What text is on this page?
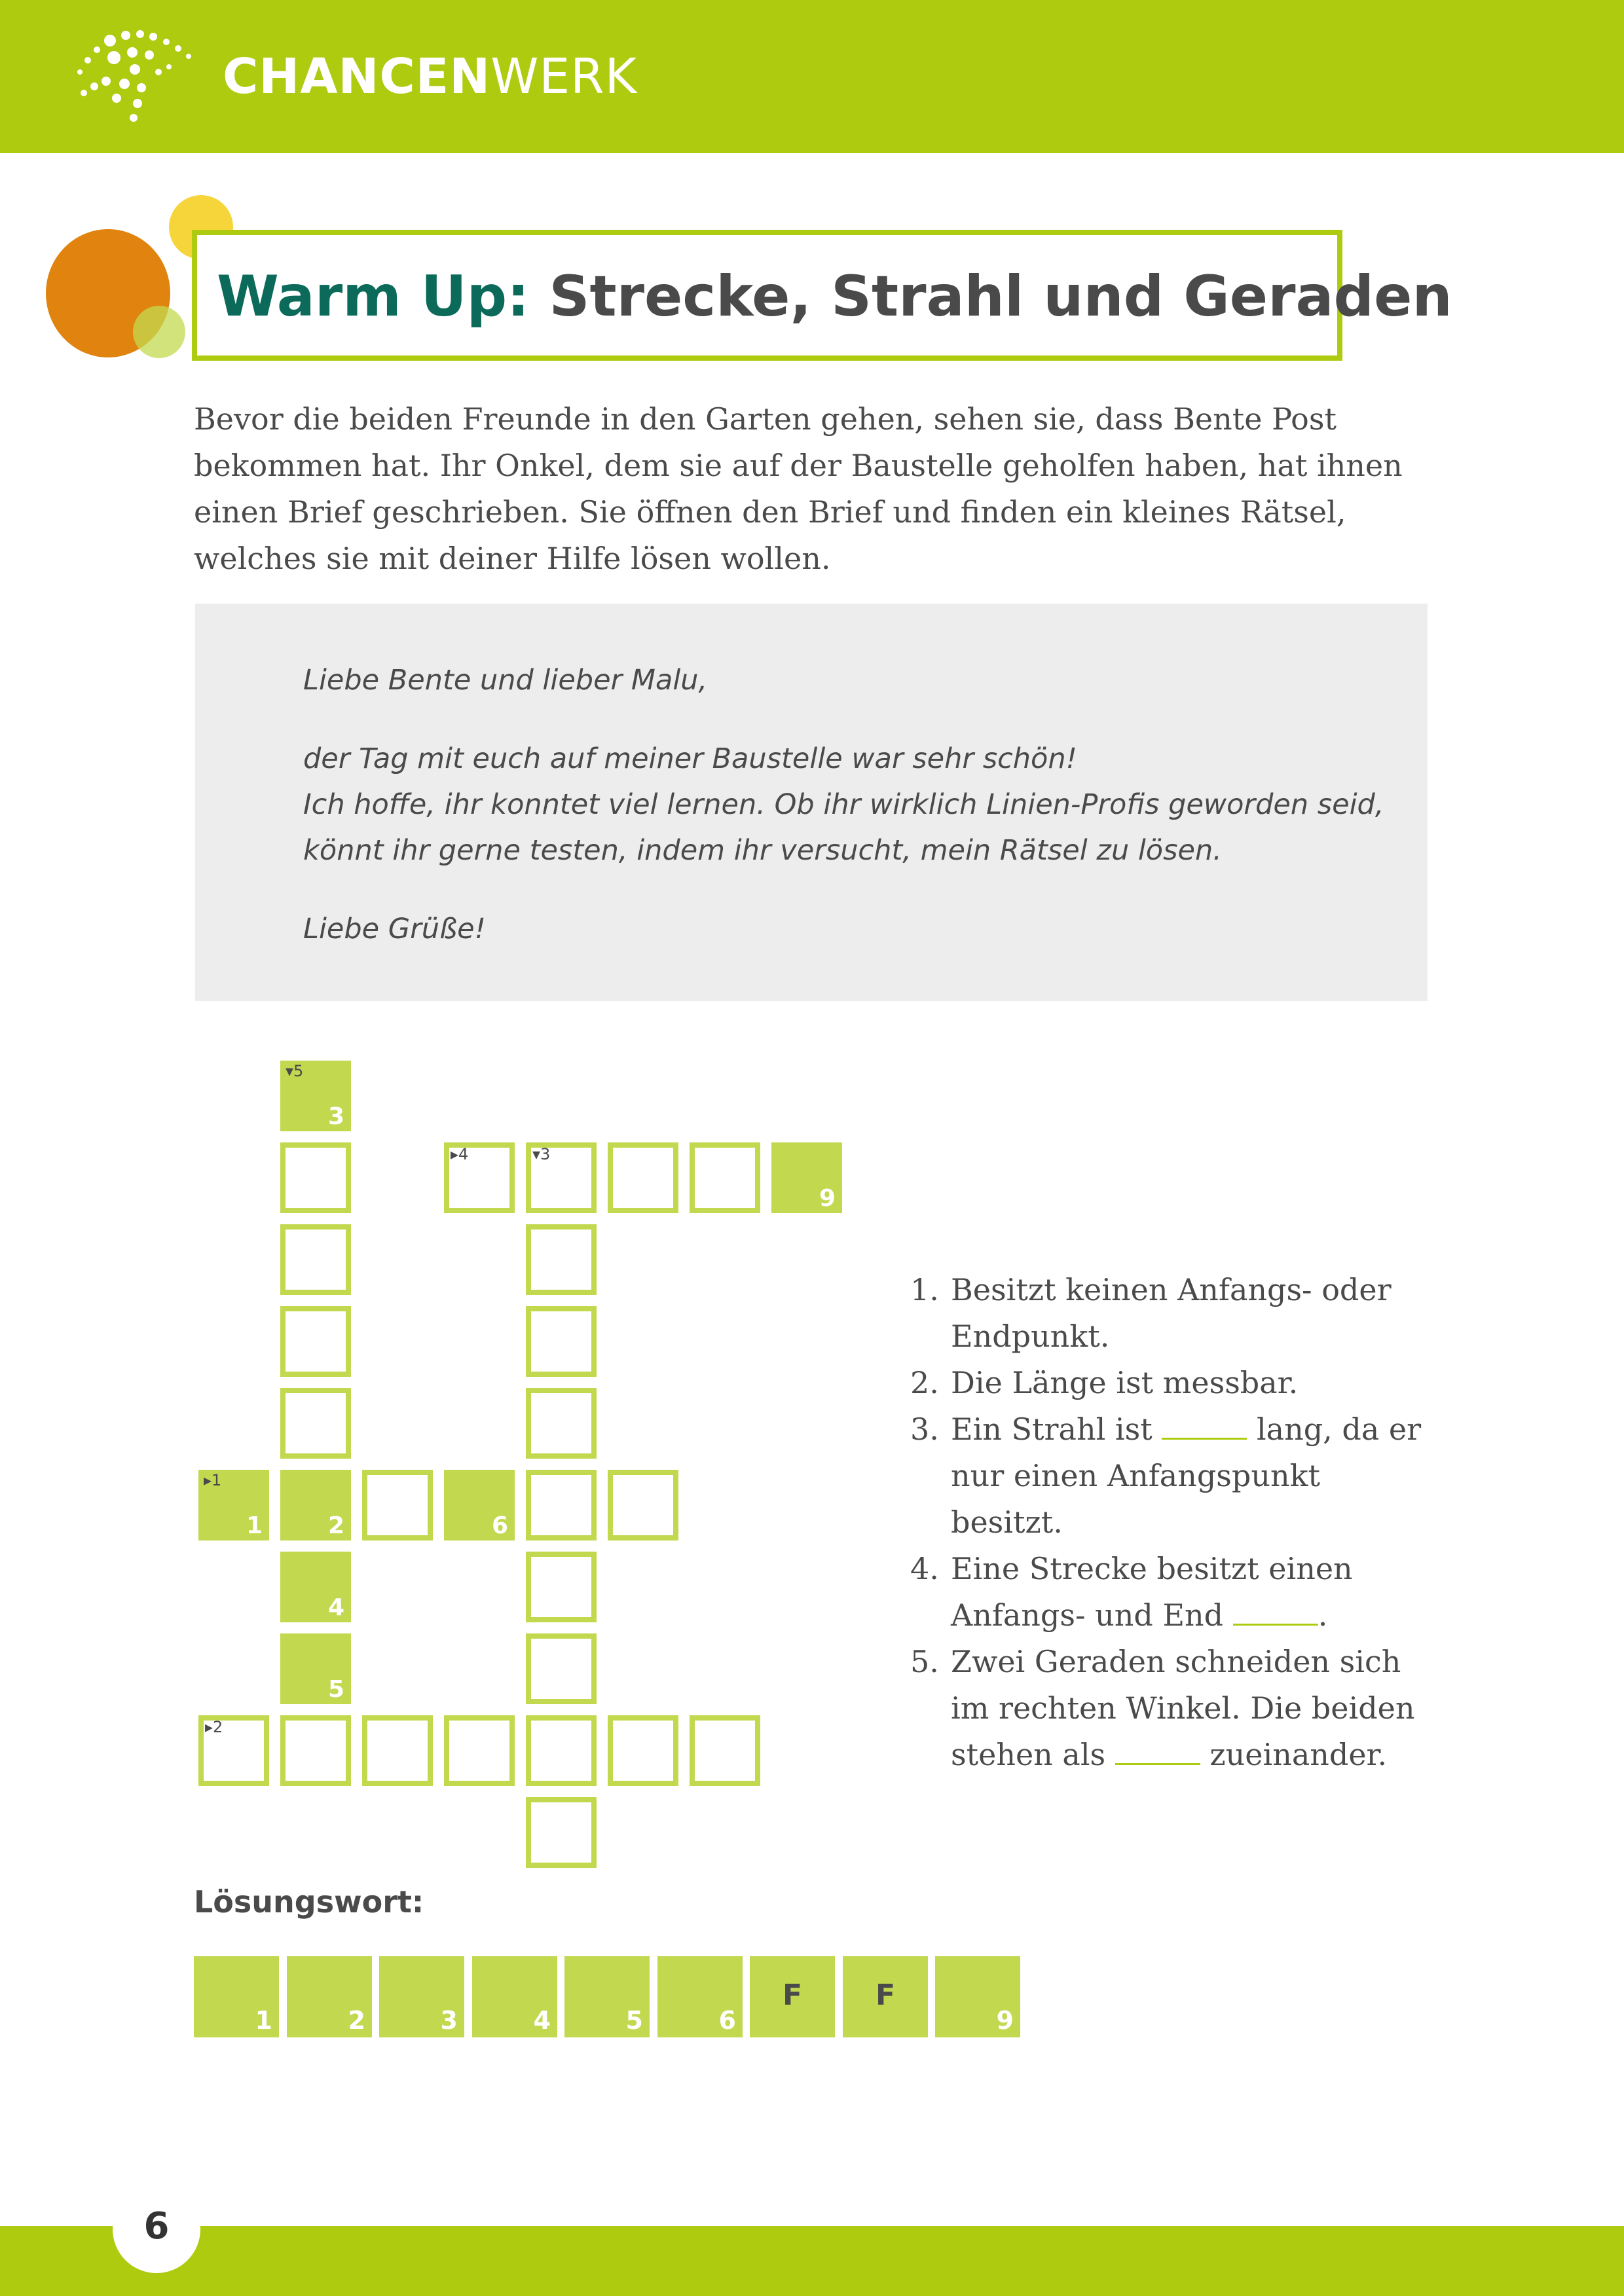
CHANCENWERK
Warm Up: Strecke, Strahl und Geraden
Bevor die beiden Freunde in den Garten gehen, sehen sie, dass Bente Post bekommen hat. Ihr Onkel, dem sie auf der Baustelle geholfen haben, hat ihnen einen Brief geschrieben. Sie öffnen den Brief und finden ein kleines Rätsel, welches sie mit deiner Hilfe lösen wollen.
Liebe Bente und lieber Malu,
der Tag mit euch auf meiner Baustelle war sehr schön!
Ich hoffe, ihr konntet viel lernen. Ob ihr wirklich Linien-Profis geworden seid,
könnt ihr gerne testen, indem ihr versucht, mein Rätsel zu lösen.
Liebe Grüße!
▾5
3
▸4	▾3
9
▸1
1	2	6
4
5
▸2
1. Besitzt keinen Anfangs- oder Endpunkt.
2. Die Länge ist messbar.
3. Ein Strahl ist	lang, da er nur einen Anfangspunkt besitzt.
4. Eine Strecke besitzt einen Anfangs- und End	.
5. Zwei Geraden schneiden sich im rechten Winkel. Die beiden stehen als	zueinander.
Lösungswort:
1	2	3	4	5	6
F	F
9
6
